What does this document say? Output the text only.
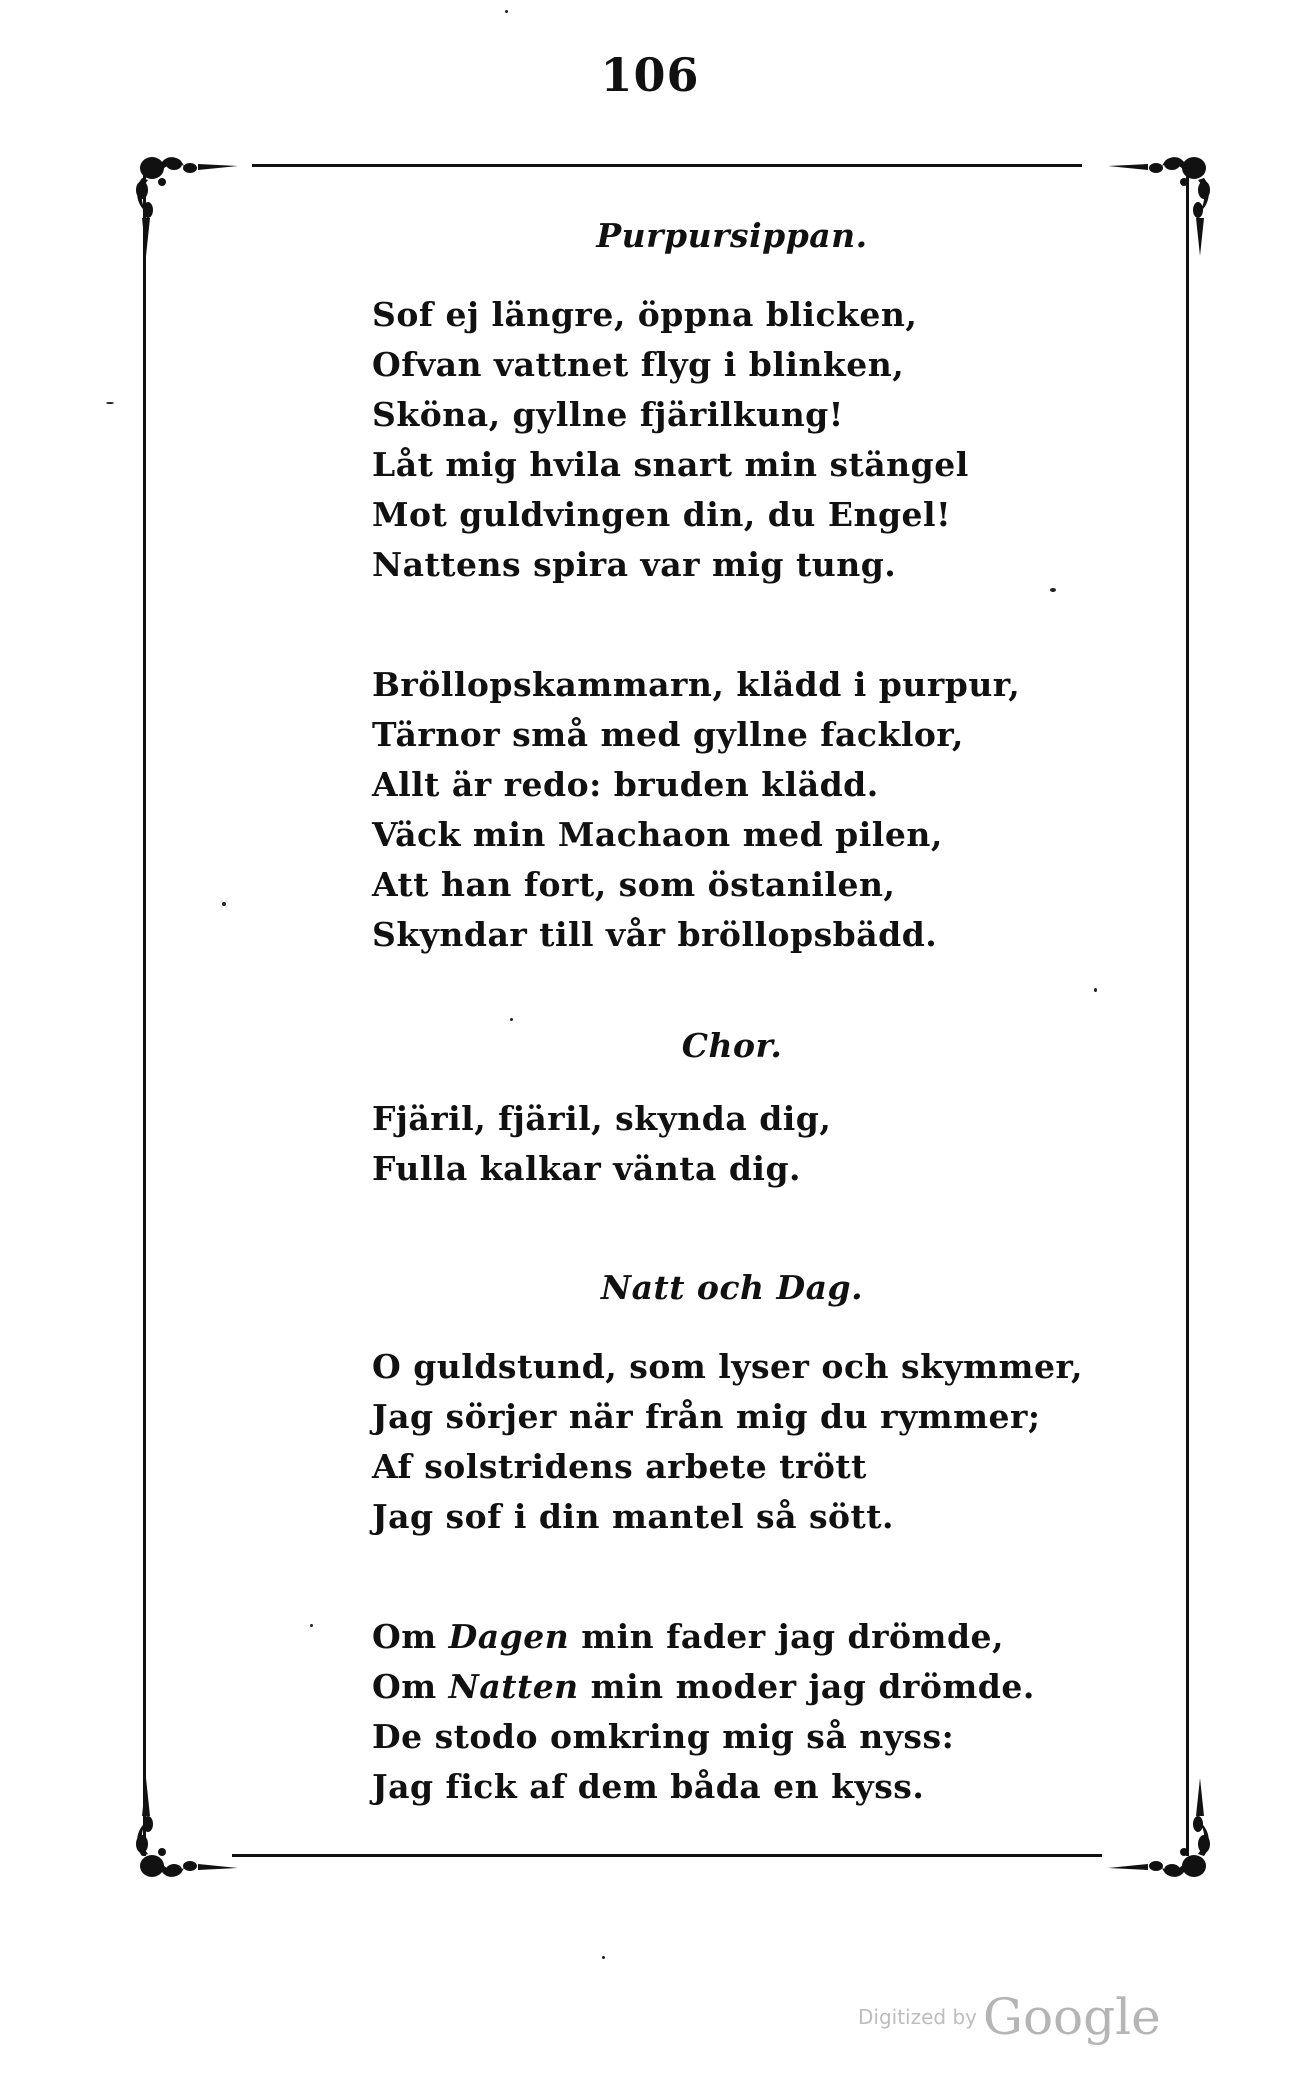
106
Purpursippan.
Sof ej längre, öppna blicken,
Ofvan vattnet flyg i blinken,
Sköna, gyllne fjärilkung!
Låt mig hvila snart min stängel
Mot guldvingen din, du Engel!
Nattens spira var mig tung.
Bröllopskammarn, klädd i purpur,
Tärnor små med gyllne facklor,
Allt är redo: bruden klädd.
Väck min Machaon med pilen,
Att han fort, som östanilen,
Skyndar till vår bröllopsbädd.
Chor.
Fjäril, fjäril, skynda dig,
Fulla kalkar vänta dig.
Natt och Dag.
O guldstund, som lyser och skymmer,
Jag sörjer när från mig du rymmer;
Af solstridens arbete trött
Jag sof i din mantel så sött.
Om Dagen min fader jag drömde,
Om Natten min moder jag drömde.
De stodo omkring mig så nyss:
Jag fick af dem båda en kyss.
Digitized by Google
